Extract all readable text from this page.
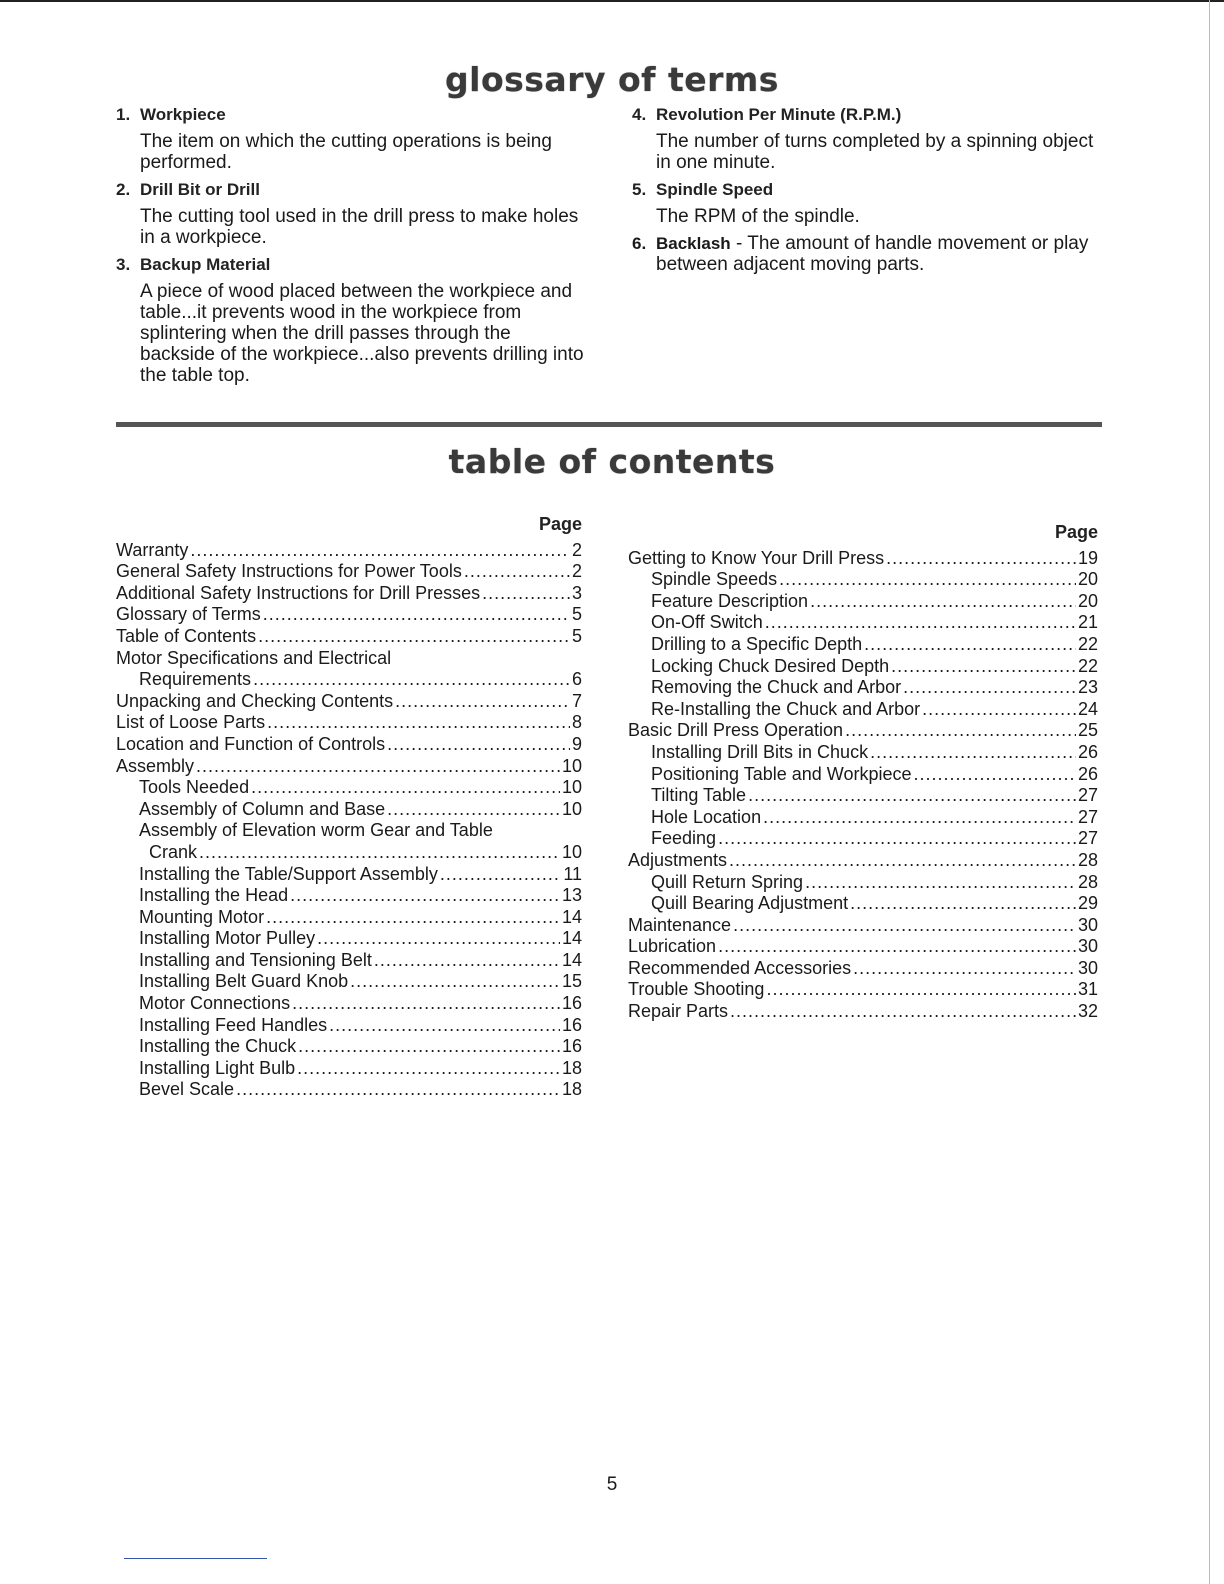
glossary of terms
1. Workpiece
The item on which the cutting operations is being performed.
2. Drill Bit or Drill
The cutting tool used in the drill press to make holes in a workpiece.
3. Backup Material
A piece of wood placed between the workpiece and table...it prevents wood in the workpiece from splintering when the drill passes through the backside of the workpiece...also prevents drilling into the table top.
4. Revolution Per Minute (R.P.M.)
The number of turns completed by a spinning object in one minute.
5. Spindle Speed
The RPM of the spindle.
6. Backlash - The amount of handle movement or play between adjacent moving parts.
table of contents
Page
Warranty .....	2
General Safety Instructions for Power Tools .....	2
Additional Safety Instructions for Drill Presses .....	3
Glossary of Terms .....	5
Table of Contents .....	5
Motor Specifications and Electrical
Requirements .....	6
Unpacking and Checking Contents .....	7
List of Loose Parts .....	8
Location and Function of Controls .....	9
Assembly .....	10
Tools Needed .....	10
Assembly of Column and Base .....	10
Assembly of Elevation worm Gear and Table
Crank .....	10
Installing the Table/Support Assembly .....	11
Installing the Head .....	13
Mounting Motor .....	14
Installing Motor Pulley .....	14
Installing and Tensioning Belt .....	14
Installing Belt Guard Knob .....	15
Motor Connections .....	16
Installing Feed Handles .....	16
Installing the Chuck .....	16
Installing Light Bulb .....	18
Bevel Scale .....	18
Page
Getting to Know Your Drill Press .....	19
Spindle Speeds .....	20
Feature Description .....	20
On-Off Switch .....	21
Drilling to a Specific Depth .....	22
Locking Chuck Desired Depth .....	22
Removing the Chuck and Arbor .....	23
Re-Installing the Chuck and Arbor .....	24
Basic Drill Press Operation .....	25
Installing Drill Bits in Chuck .....	26
Positioning Table and Workpiece .....	26
Tilting Table .....	27
Hole Location .....	27
Feeding .....	27
Adjustments .....	28
Quill Return Spring .....	28
Quill Bearing Adjustment .....	29
Maintenance .....	30
Lubrication .....	30
Recommended Accessories .....	30
Trouble Shooting .....	31
Repair Parts .....	32
5
